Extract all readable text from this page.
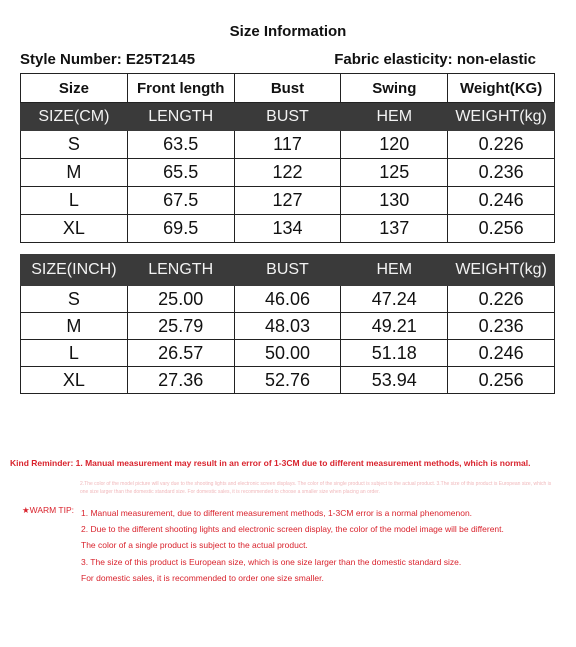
Size Information
Style Number: E25T2145	Fabric elasticity: non-elastic
Size	Front length	Bust	Swing	Weight(KG)
SIZE(CM)	LENGTH	BUST	HEM	WEIGHT(kg)
S	63.5	117	120	0.226
M	65.5	122	125	0.236
L	67.5	127	130	0.246
XL	69.5	134	137	0.256
SIZE(INCH)	LENGTH	BUST	HEM	WEIGHT(kg)
S	25.00	46.06	47.24	0.226
M	25.79	48.03	49.21	0.236
L	26.57	50.00	51.18	0.246
XL	27.36	52.76	53.94	0.256
Kind Reminder: 1. Manual measurement may result in an error of 1-3CM due to different measurement methods, which is normal.
2.The color of the model picture will vary due to the shooting lights and electronic screen displays. The color of the single product is subject to the actual product. 3.The size of this product is European size, which is one size larger than the domestic standard size. For domestic sales, it is recommended to choose a smaller size when placing an order.
★WARM TIP: 1. Manual measurement, due to different measurement methods, 1-3CM error is a normal phenomenon.
2. Due to the different shooting lights and electronic screen display, the color of the model image will be different.
The color of a single product is subject to the actual product.
3. The size of this product is European size, which is one size larger than the domestic standard size.
For domestic sales, it is recommended to order one size smaller.
